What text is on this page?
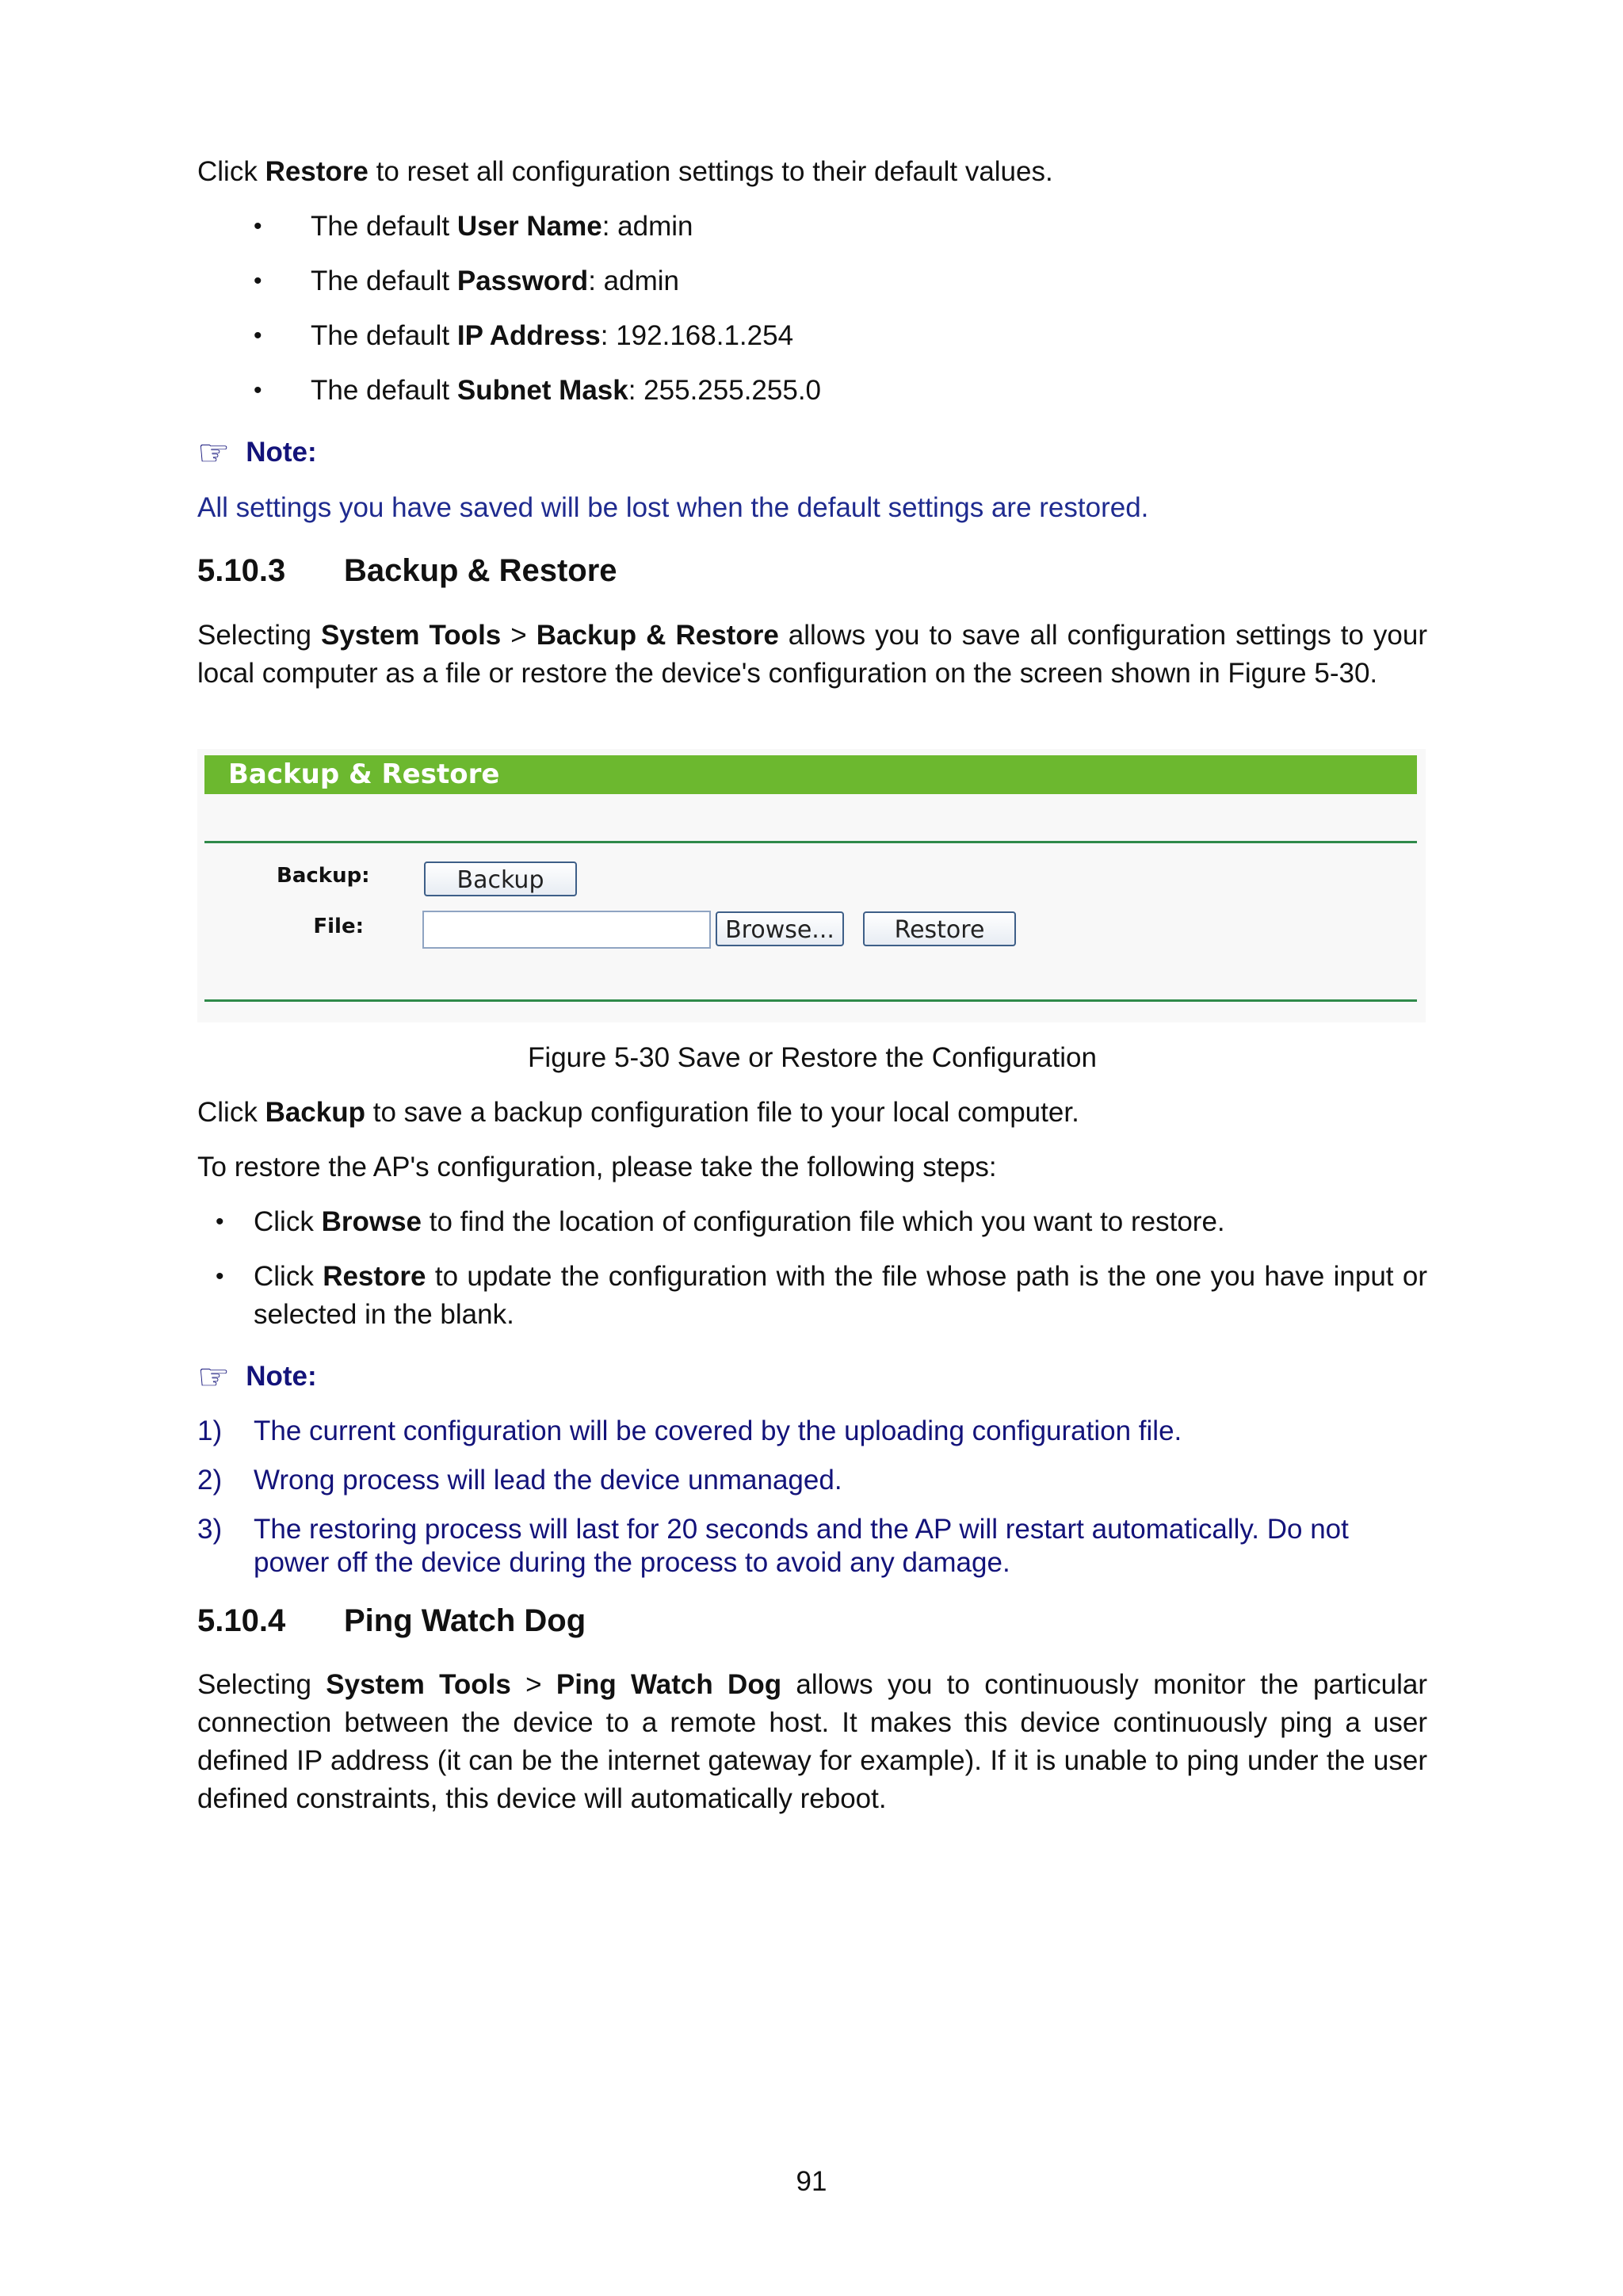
Click Restore to reset all configuration settings to their default values.

• The default User Name: admin
• The default Password: admin
• The default IP Address: 192.168.1.254
• The default Subnet Mask: 255.255.255.0
☞ Note:

All settings you have saved will be lost when the default settings are restored.

5.10.3 Backup & Restore

Selecting System Tools > Backup & Restore allows you to save all configuration settings to your local computer as a file or restore the device's configuration on the screen shown in Figure 5-30.

Backup & Restore
Backup:	Backup
File:	Browse...	Restore

Figure 5-30 Save or Restore the Configuration

Click Backup to save a backup configuration file to your local computer.

To restore the AP's configuration, please take the following steps:

• Click Browse to find the location of configuration file which you want to restore.
• Click Restore to update the configuration with the file whose path is the one you have input or selected in the blank.
☞ Note:
1) The current configuration will be covered by the uploading configuration file.
2) Wrong process will lead the device unmanaged.
3) The restoring process will last for 20 seconds and the AP will restart automatically. Do not power off the device during the process to avoid any damage.
5.10.4 Ping Watch Dog

Selecting System Tools > Ping Watch Dog allows you to continuously monitor the particular connection between the device to a remote host. It makes this device continuously ping a user defined IP address (it can be the internet gateway for example). If it is unable to ping under the user defined constraints, this device will automatically reboot.

91
